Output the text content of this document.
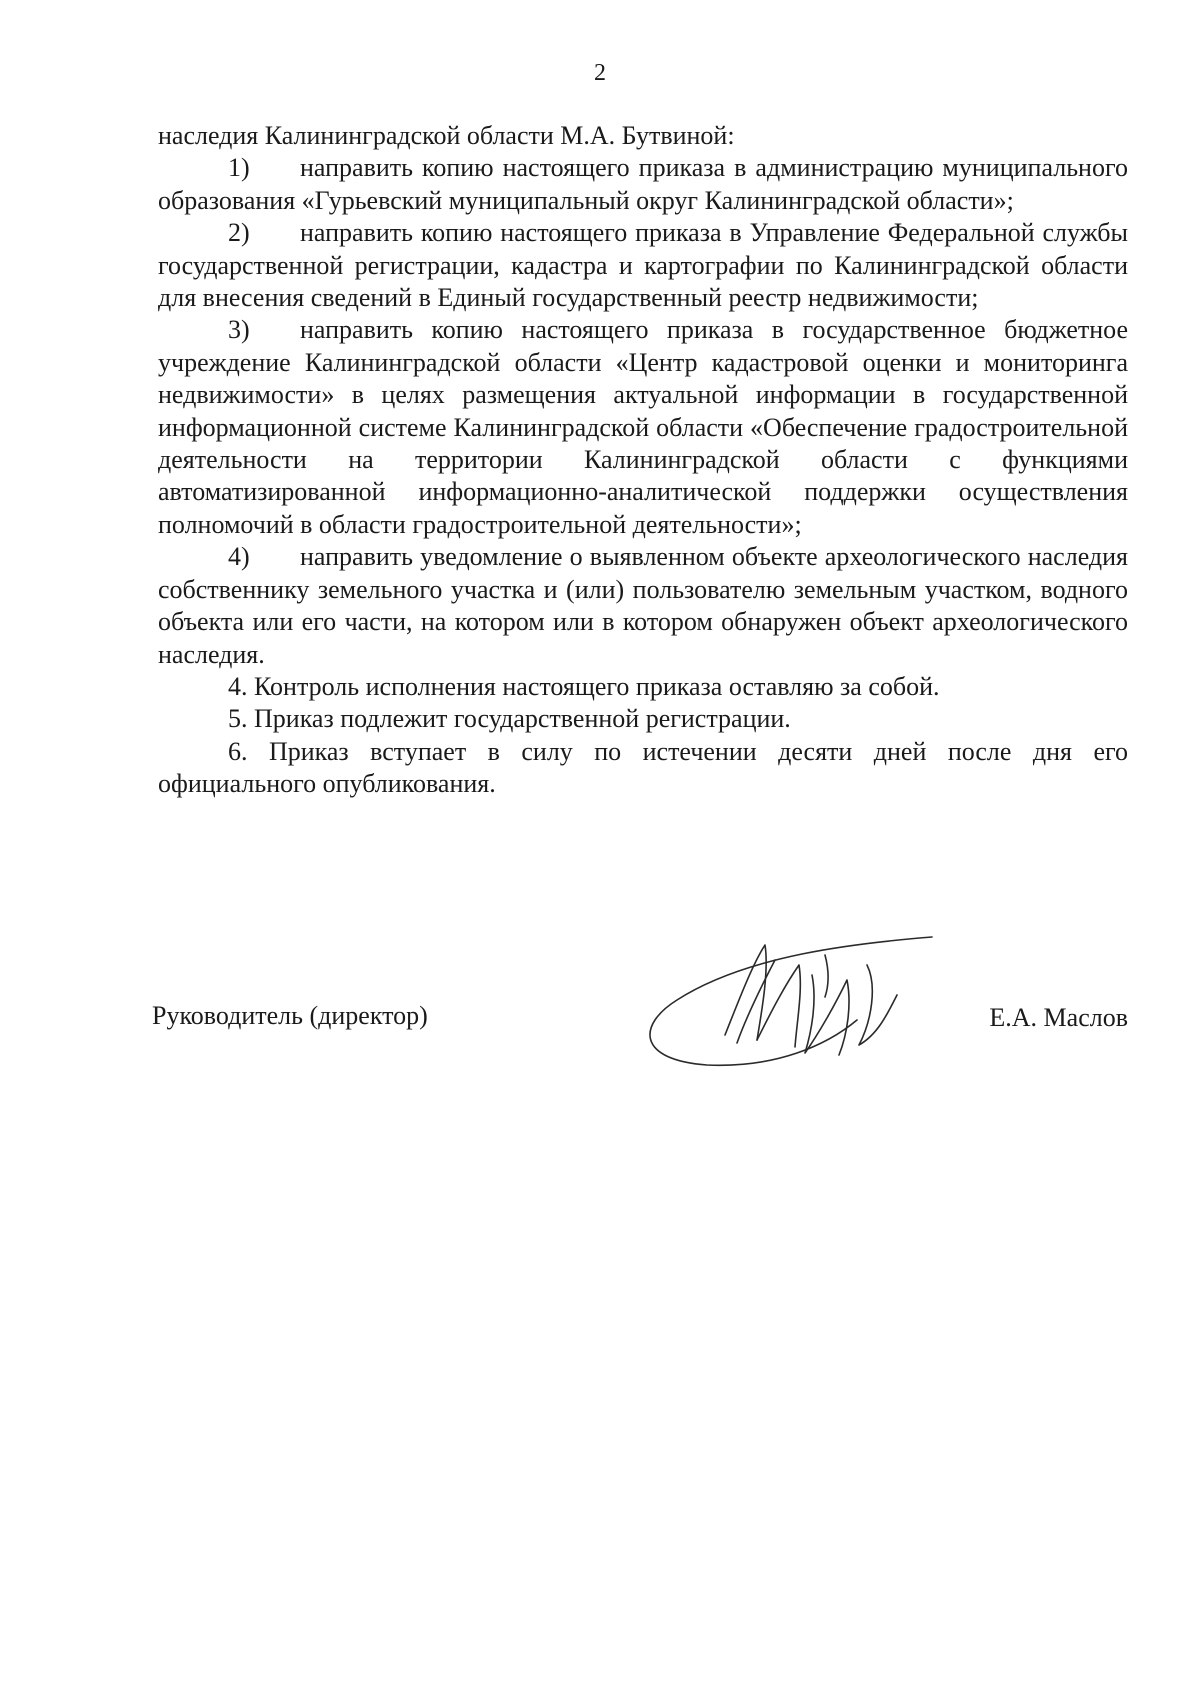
2

наследия Калининградской области М.А. Бутвиной:

1) направить копию настоящего приказа в администрацию муниципального образования «Гурьевский муниципальный округ Калининградской области»;

2) направить копию настоящего приказа в Управление Федеральной службы государственной регистрации, кадастра и картографии по Калининградской области для внесения сведений в Единый государственный реестр недвижимости;

3) направить копию настоящего приказа в государственное бюджетное учреждение Калининградской области «Центр кадастровой оценки и мониторинга недвижимости» в целях размещения актуальной информации в государственной информационной системе Калининградской области «Обеспечение градостроительной деятельности на территории Калининградской области с функциями автоматизированной информационно-аналитической поддержки осуществления полномочий в области градостроительной деятельности»;

4) направить уведомление о выявленном объекте археологического наследия собственнику земельного участка и (или) пользователю земельным участком, водного объекта или его части, на котором или в котором обнаружен объект археологического наследия.

4. Контроль исполнения настоящего приказа оставляю за собой.

5. Приказ подлежит государственной регистрации.

6. Приказ вступает в силу по истечении десяти дней после дня его официального опубликования.

Руководитель (директор)	Е.А. Маслов
